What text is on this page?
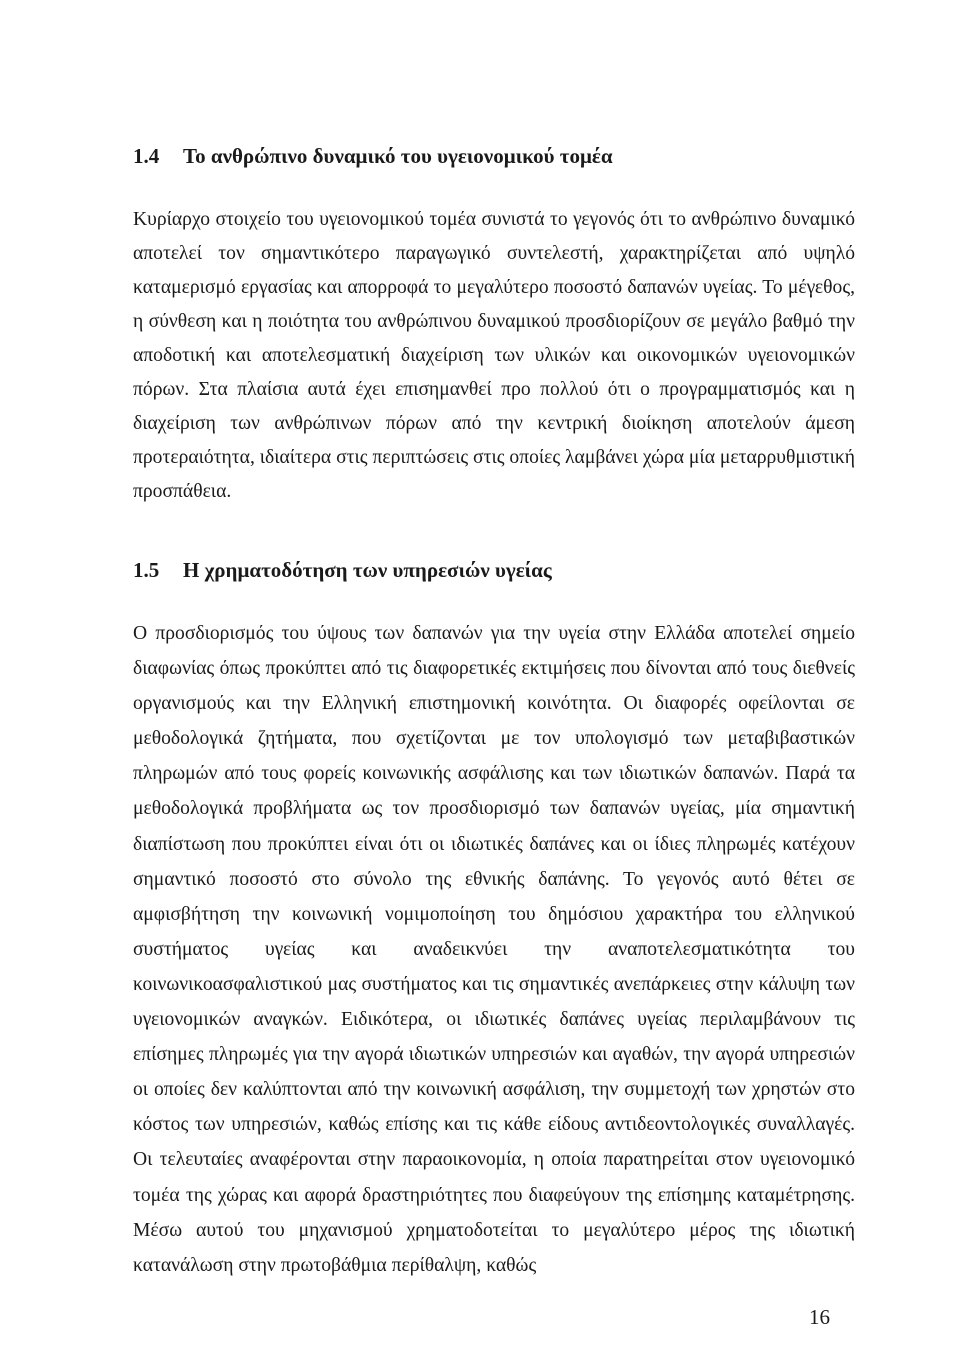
1.4 Το ανθρώπινο δυναμικό του υγειονομικού τομέα

Κυρίαρχο στοιχείο του υγειονομικού τομέα συνιστά το γεγονός ότι το ανθρώπινο δυναμικό αποτελεί τον σημαντικότερο παραγωγικό συντελεστή, χαρακτηρίζεται από υψηλό καταμερισμό εργασίας και απορροφά το μεγαλύτερο ποσοστό δαπανών υγείας. Το μέγεθος, η σύνθεση και η ποιότητα του ανθρώπινου δυναμικού προσδιορίζουν σε μεγάλο βαθμό την αποδοτική και αποτελεσματική διαχείριση των υλικών και οικονομικών υγειονομικών πόρων. Στα πλαίσια αυτά έχει επισημανθεί προ πολλού ότι ο προγραμματισμός και η διαχείριση των ανθρώπινων πόρων από την κεντρική διοίκηση αποτελούν άμεση προτεραιότητα, ιδιαίτερα στις περιπτώσεις στις οποίες λαμβάνει χώρα μία μεταρρυθμιστική προσπάθεια.

1.5 Η χρηματοδότηση των υπηρεσιών υγείας

Ο προσδιορισμός του ύψους των δαπανών για την υγεία στην Ελλάδα αποτελεί σημείο διαφωνίας όπως προκύπτει από τις διαφορετικές εκτιμήσεις που δίνονται από τους διεθνείς οργανισμούς και την Ελληνική επιστημονική κοινότητα. Οι διαφορές οφείλονται σε μεθοδολογικά ζητήματα, που σχετίζονται με τον υπολογισμό των μεταβιβαστικών πληρωμών από τους φορείς κοινωνικής ασφάλισης και των ιδιωτικών δαπανών. Παρά τα μεθοδολογικά προβλήματα ως τον προσδιορισμό των δαπανών υγείας, μία σημαντική διαπίστωση που προκύπτει είναι ότι οι ιδιωτικές δαπάνες και οι ίδιες πληρωμές κατέχουν σημαντικό ποσοστό στο σύνολο της εθνικής δαπάνης. Το γεγονός αυτό θέτει σε αμφισβήτηση την κοινωνική νομιμοποίηση του δημόσιου χαρακτήρα του ελληνικού συστήματος υγείας και αναδεικνύει την αναποτελεσματικότητα του κοινωνικοασφαλιστικού μας συστήματος και τις σημαντικές ανεπάρκειες στην κάλυψη των υγειονομικών αναγκών. Ειδικότερα, οι ιδιωτικές δαπάνες υγείας περιλαμβάνουν τις επίσημες πληρωμές για την αγορά ιδιωτικών υπηρεσιών και αγαθών, την αγορά υπηρεσιών οι οποίες δεν καλύπτονται από την κοινωνική ασφάλιση, την συμμετοχή των χρηστών στο κόστος των υπηρεσιών, καθώς επίσης και τις κάθε είδους αντιδεοντολογικές συναλλαγές. Οι τελευταίες αναφέρονται στην παραοικονομία, η οποία παρατηρείται στον υγειονομικό τομέα της χώρας και αφορά δραστηριότητες που διαφεύγουν της επίσημης καταμέτρησης. Μέσω αυτού του μηχανισμού χρηματοδοτείται το μεγαλύτερο μέρος της ιδιωτική κατανάλωση στην πρωτοβάθμια περίθαλψη, καθώς

16
